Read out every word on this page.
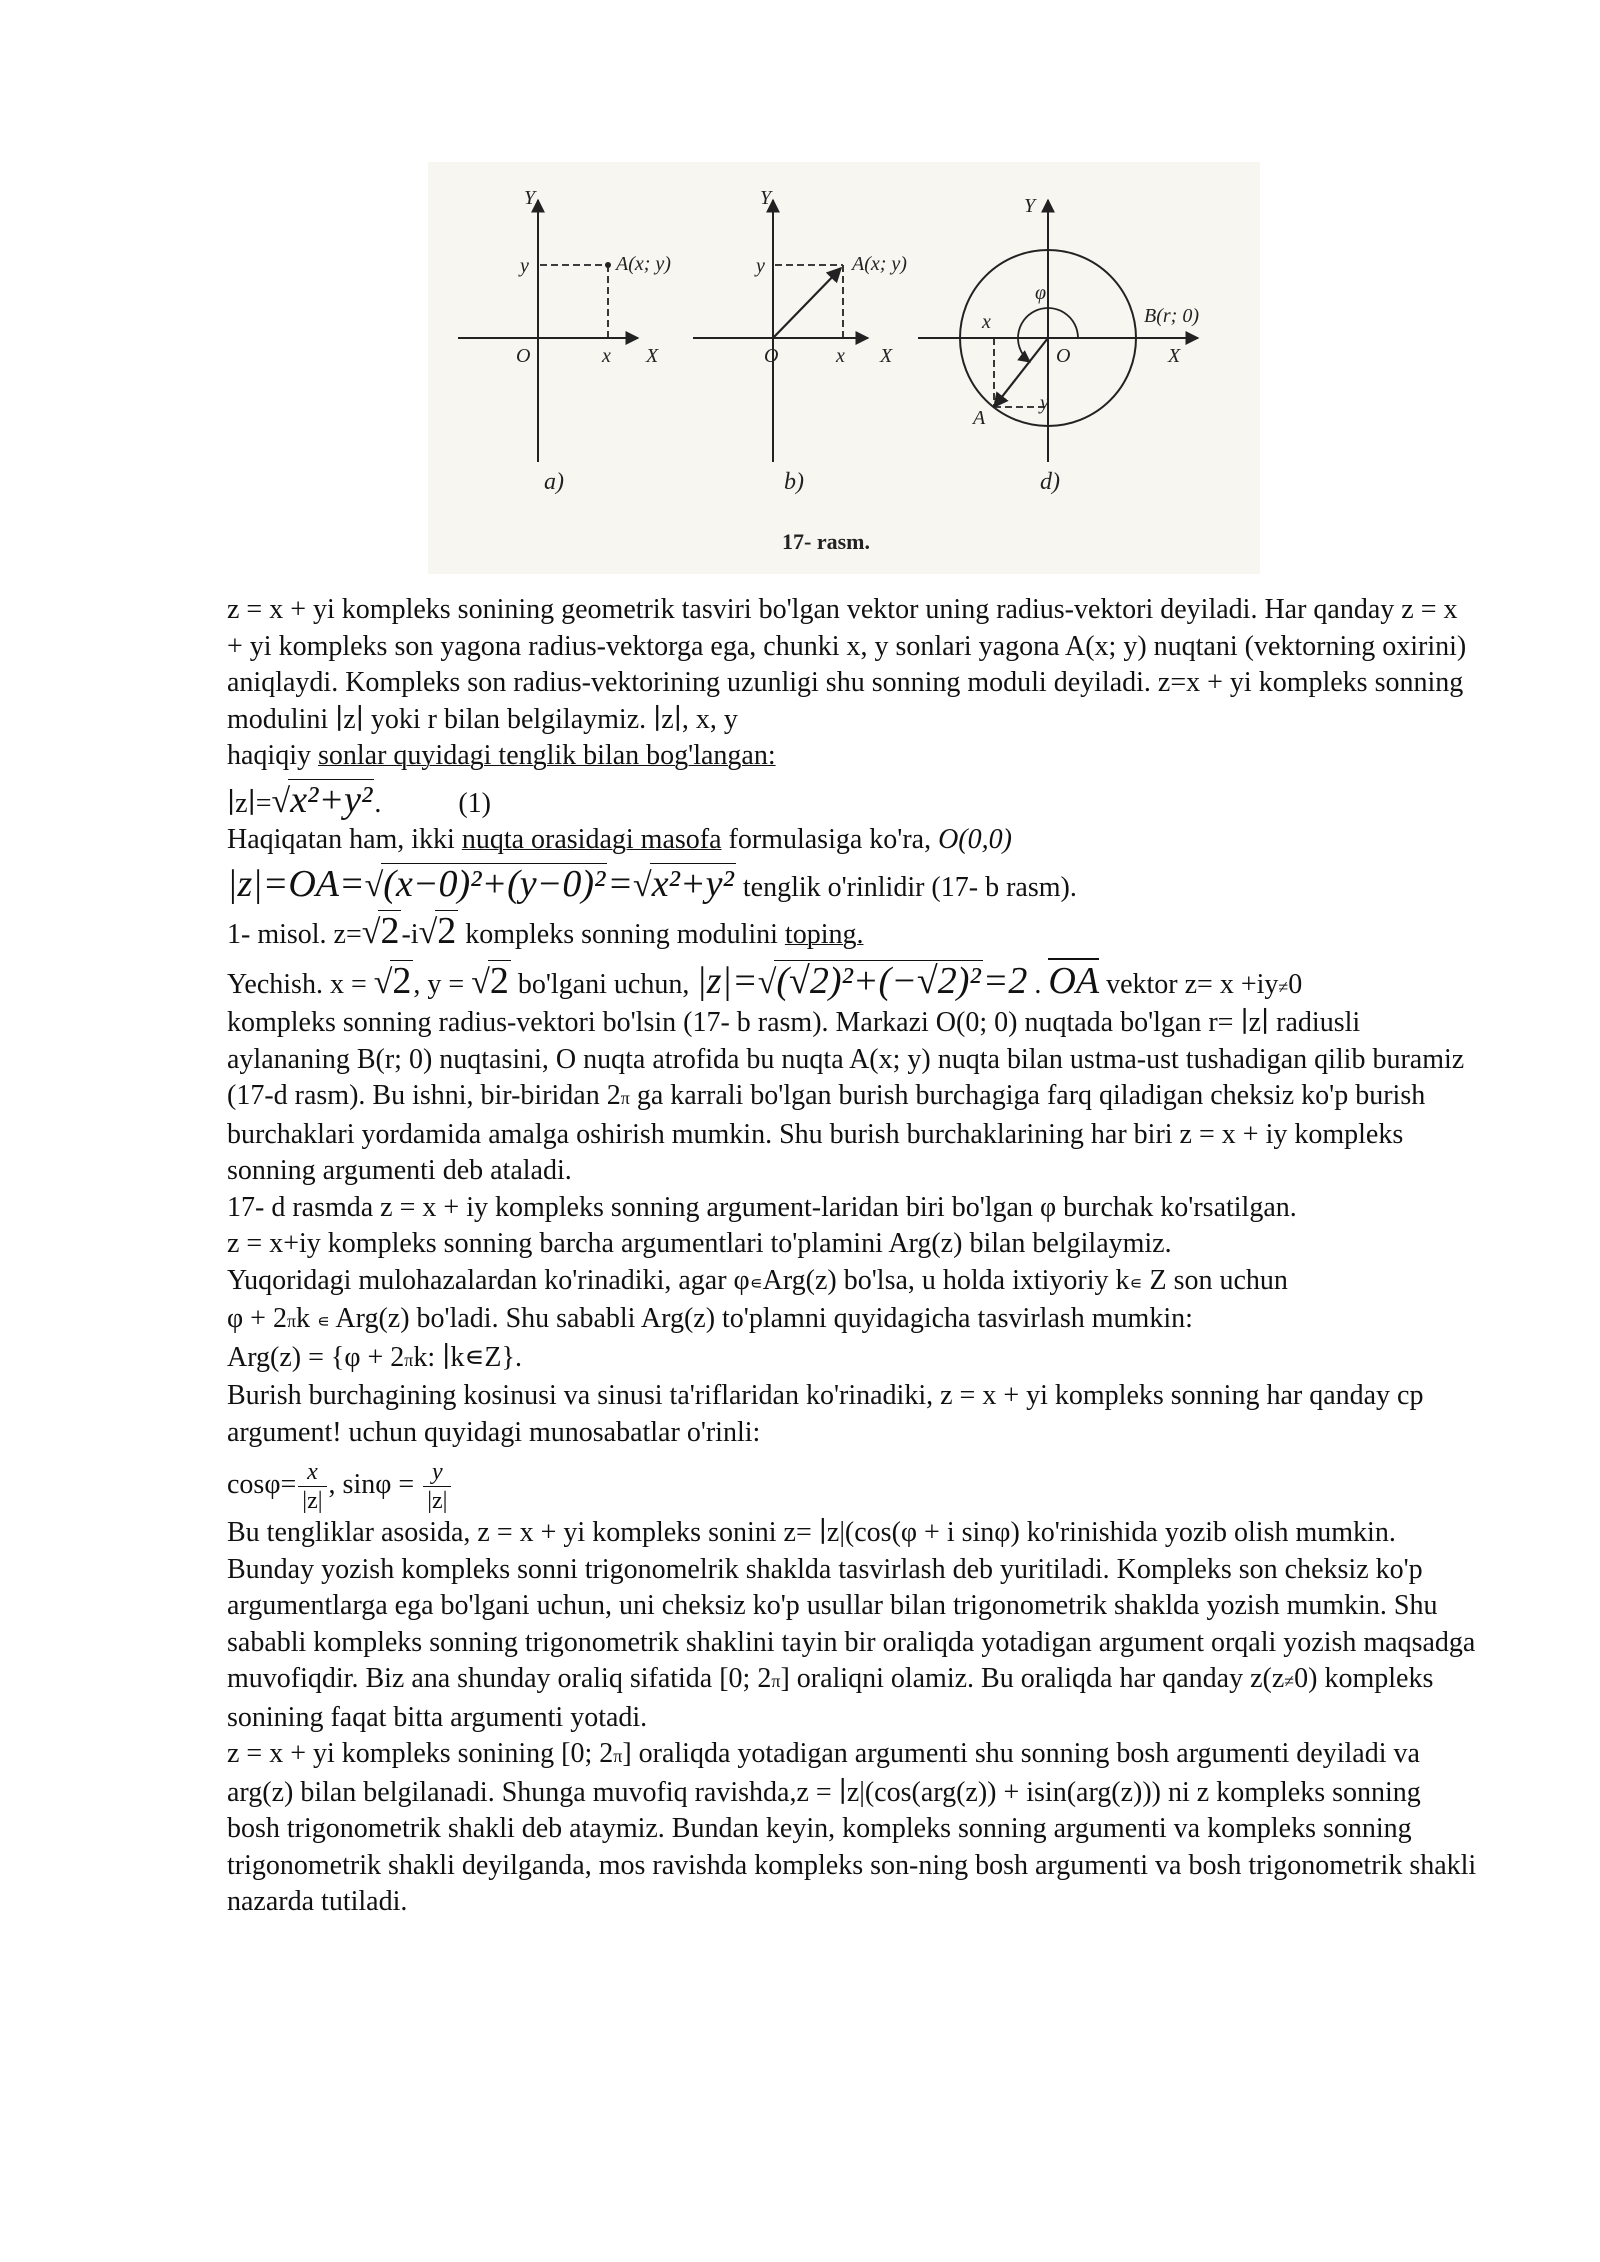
Y
y	A(x; y)
O	x X
a)
Y
y	A(x; y)
O	x X
b)
Y
x
φ
O
B(r; 0)
X
y
A
d)
17- rasm.

z = x + yi kompleks sonining geometrik tasviri bo'lgan vektor uning radius-vektori deyiladi. Har qanday z = x + yi kompleks son yagona radius-vektorga ega, chunki x, y sonlari yagona A(x; y) nuqtani (vektorning oxirini) aniqlaydi. Kompleks son radius-vektorining uzunligi shu sonning moduli deyiladi. z=x + yi kompleks sonning modulini ∣z∣ yoki r bilan belgilaymiz. ∣z∣, x, y
haqiqiy sonlar quyidagi tenglik bilan bog'langan:

∣z∣=√x²+y².	(1)

Haqiqatan ham, ikki nuqta orasidagi masofa formulasiga ko'ra, O(0,0)

|z|=OA=√(x−0)²+(y−0)²=√x²+y² tenglik o'rinlidir (17- b rasm).

1- misol. z=√2-i√2 kompleks sonning modulini toping.

Yechish. x = √2, y = √2 bo'lgani uchun, |z|=√(√2)²+(−√2)²=2 . OA vektor z= x +iy≠0

kompleks sonning radius-vektori bo'lsin (17- b rasm). Markazi O(0; 0) nuqtada bo'lgan r= ∣z∣ radiusli aylananing B(r; 0) nuqtasini, O nuqta atrofida bu nuqta A(x; y) nuqta bilan ustma-ust tushadigan qilib buramiz (17-d rasm). Bu ishni, bir-biridan 2π ga karrali bo'lgan burish burchagiga farq qiladigan cheksiz ko'p burish burchaklari yordamida amalga oshirish mumkin. Shu burish burchaklarining har biri z = x + iy kompleks sonning argumenti deb ataladi.

17- d rasmda z = x + iy kompleks sonning argument-laridan biri bo'lgan φ burchak ko'rsatilgan.

z = x+iy kompleks sonning barcha argumentlari to'plamini Arg(z) bilan belgilaymiz.

Yuqoridagi mulohazalardan ko'rinadiki, agar φ∊Arg(z) bo'lsa, u holda ixtiyoriy k∊ Z son uchun

φ + 2πk ∊ Arg(z) bo'ladi. Shu sababli Arg(z) to'plamni quyidagicha tasvirlash mumkin:

Arg(z) = {φ + 2πk: ∣k∊Z}.

Burish burchagining kosinusi va sinusi ta'riflaridan ko'rinadiki, z = x + yi kompleks sonning har qanday cp argument! uchun quyidagi munosabatlar o'rinli:

$\cos\varphi= \frac{x}{|z|}$ , $\sin\varphi = \frac{y}{|z|}$

Bu tengliklar asosida, z = x + yi kompleks sonini z= ∣z|(cos(φ + i sinφ) ko'rinishida yozib olish mumkin. Bunday yozish kompleks sonni trigonomelrik shaklda tasvirlash deb yuritiladi. Kompleks son cheksiz ko'p argumentlarga ega bo'lgani uchun, uni cheksiz ko'p usullar bilan trigonometrik shaklda yozish mumkin. Shu sababli kompleks sonning trigonometrik shaklini tayin bir oraliqda yotadigan argument orqali yozish maqsadga muvofiqdir. Biz ana shunday oraliq sifatida [0; 2π] oraliqni olamiz. Bu oraliqda har qanday z(z≠0) kompleks sonining faqat bitta argumenti yotadi.

z = x + yi kompleks sonining [0; 2π] oraliqda yotadigan argumenti shu sonning bosh argumenti deyiladi va arg(z) bilan belgilanadi. Shunga muvofiq ravishda,z = ∣z|(cos(arg(z)) + isin(arg(z))) ni z kompleks sonning bosh trigonometrik shakli deb ataymiz. Bundan keyin, kompleks sonning argumenti va kompleks sonning trigonometrik shakli deyilganda, mos ravishda kompleks son-ning bosh argumenti va bosh trigonometrik shakli nazarda tutiladi.
